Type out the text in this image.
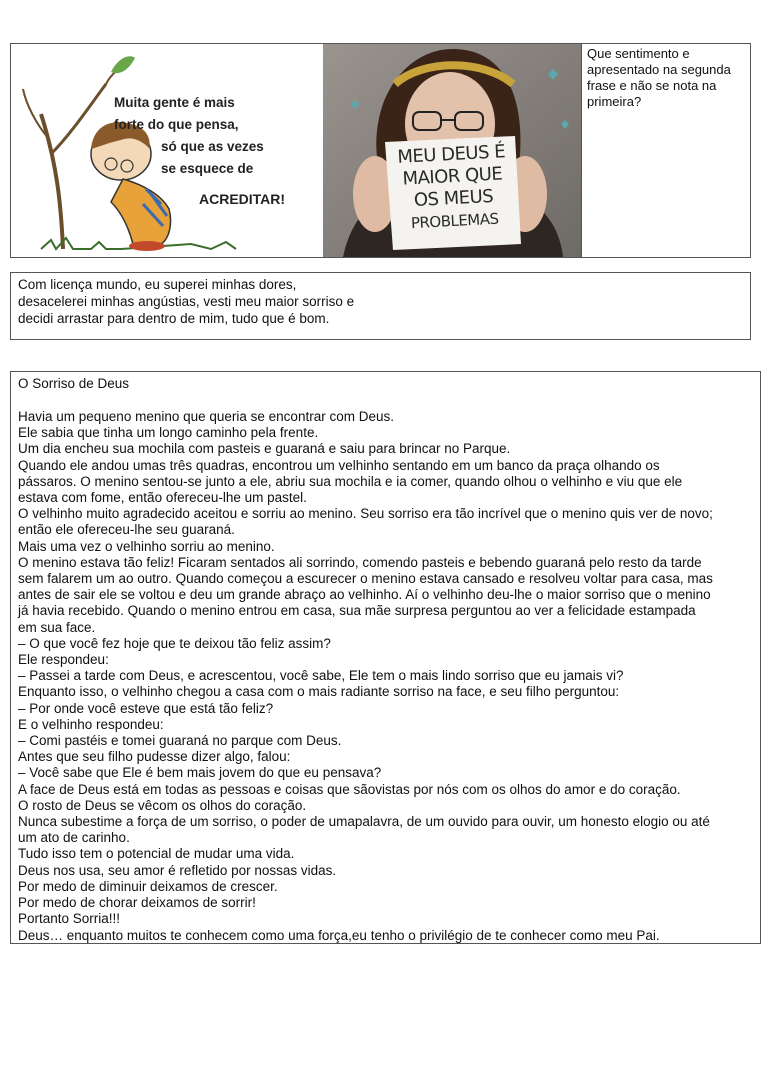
Muita gente é mais
forte do que pensa,
só que as vezes
se esquece de
ACREDITAR!
MEU DEUS É
MAIOR QUE
OS MEUS
PROBLEMAS
Que sentimento e apresentado na segunda frase e não se nota na primeira?
Com licença mundo, eu superei minhas dores,
desacelerei minhas angústias, vesti meu maior sorriso e
decidi arrastar para dentro de mim, tudo que é bom.
O Sorriso de Deus
Havia um pequeno menino que queria se encontrar com Deus.
Ele sabia que tinha um longo caminho pela frente.
Um dia encheu sua mochila com pasteis e guaraná e saiu para brincar no Parque.
Quando ele andou umas três quadras, encontrou um velhinho sentando em um banco da praça olhando os
pássaros. O menino sentou-se junto a ele, abriu sua mochila e ia comer, quando olhou o velhinho e viu que ele
estava com fome, então ofereceu-lhe um pastel.
O velhinho muito agradecido aceitou e sorriu ao menino. Seu sorriso era tão incrível que o menino quis ver de novo;
então ele ofereceu-lhe seu guaraná.
Mais uma vez o velhinho sorriu ao menino.
O menino estava tão feliz! Ficaram sentados ali sorrindo, comendo pasteis e bebendo guaraná pelo resto da tarde
sem falarem um ao outro. Quando começou a escurecer o menino estava cansado e resolveu voltar para casa, mas
antes de sair ele se voltou e deu um grande abraço ao velhinho. Aí o velhinho deu-lhe o maior sorriso que o menino
já havia recebido. Quando o menino entrou em casa, sua mãe surpresa perguntou ao ver a felicidade estampada
em sua face.
– O que você fez hoje que te deixou tão feliz assim?
Ele respondeu:
– Passei a tarde com Deus, e acrescentou, você sabe, Ele tem o mais lindo sorriso que eu jamais vi?
Enquanto isso, o velhinho chegou a casa com o mais radiante sorriso na face, e seu filho perguntou:
– Por onde você esteve que está tão feliz?
E o velhinho respondeu:
– Comi pastéis e tomei guaraná no parque com Deus.
Antes que seu filho pudesse dizer algo, falou:
– Você sabe que Ele é bem mais jovem do que eu pensava?
A face de Deus está em todas as pessoas e coisas que sãovistas por nós com os olhos do amor e do coração.
O rosto de Deus se vêcom os olhos do coração.
Nunca subestime a força de um sorriso, o poder de umapalavra, de um ouvido para ouvir, um honesto elogio ou até
um ato de carinho.
Tudo isso tem o potencial de mudar uma vida.
Deus nos usa, seu amor é refletido por nossas vidas.
Por medo de diminuir deixamos de crescer.
Por medo de chorar deixamos de sorrir!
Portanto Sorria!!!
Deus… enquanto muitos te conhecem como uma força,eu tenho o privilégio de te conhecer como meu Pai.
